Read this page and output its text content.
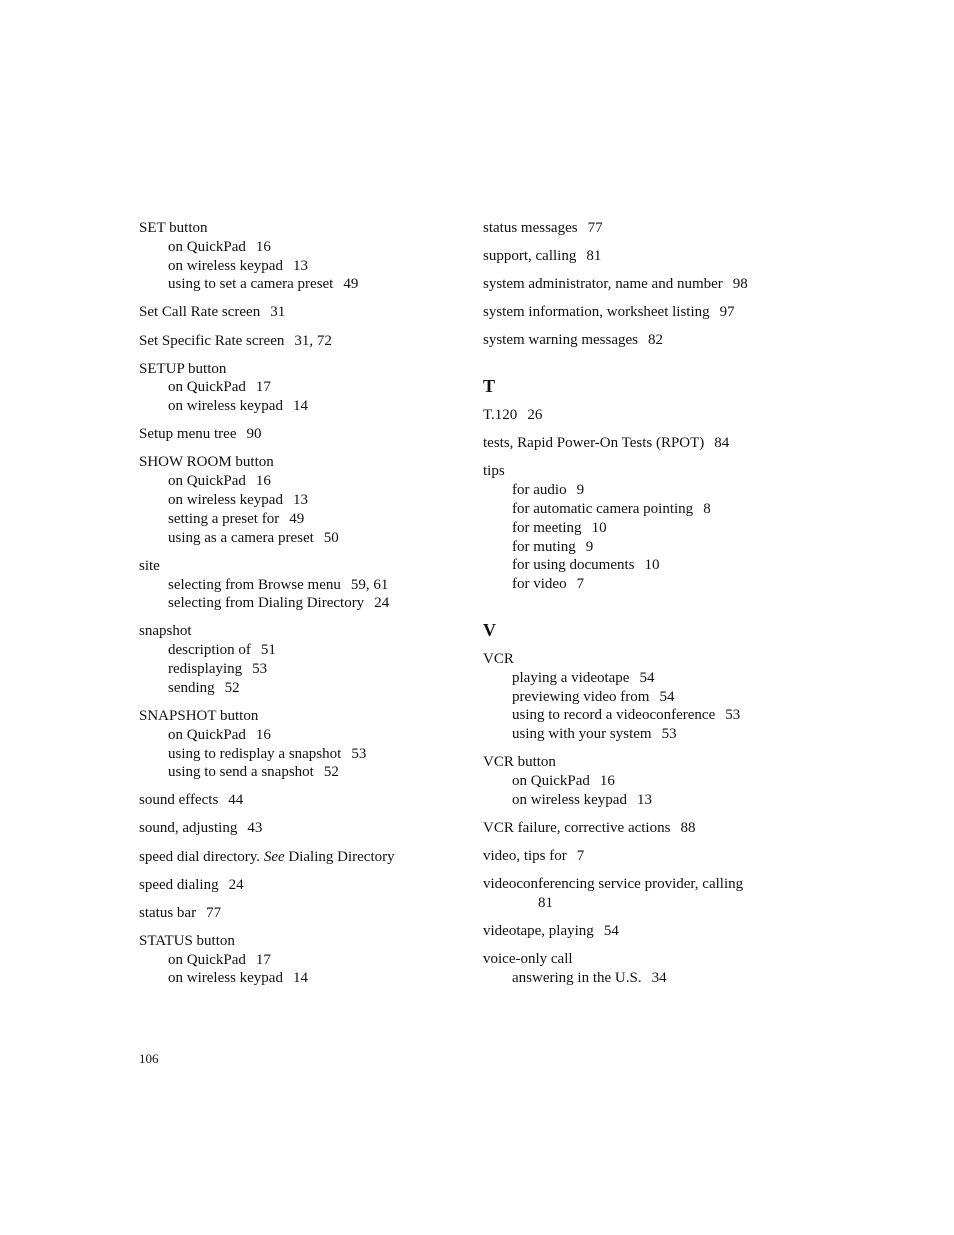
SET button
on QuickPad 16
on wireless keypad 13
using to set a camera preset 49
Set Call Rate screen 31
Set Specific Rate screen 31, 72
SETUP button
on QuickPad 17
on wireless keypad 14
Setup menu tree 90
SHOW ROOM button
on QuickPad 16
on wireless keypad 13
setting a preset for 49
using as a camera preset 50
site
selecting from Browse menu 59, 61
selecting from Dialing Directory 24
snapshot
description of 51
redisplaying 53
sending 52
SNAPSHOT button
on QuickPad 16
using to redisplay a snapshot 53
using to send a snapshot 52
sound effects 44
sound, adjusting 43
speed dial directory. See Dialing Directory
speed dialing 24
status bar 77
STATUS button
on QuickPad 17
on wireless keypad 14
status messages 77
support, calling 81
system administrator, name and number 98
system information, worksheet listing 97
system warning messages 82
T
T.120 26
tests, Rapid Power-On Tests (RPOT) 84
tips
for audio 9
for automatic camera pointing 8
for meeting 10
for muting 9
for using documents 10
for video 7
V
VCR
playing a videotape 54
previewing video from 54
using to record a videoconference 53
using with your system 53
VCR button
on QuickPad 16
on wireless keypad 13
VCR failure, corrective actions 88
video, tips for 7
videoconferencing service provider, calling
81
videotape, playing 54
voice-only call
answering in the U.S. 34
106
